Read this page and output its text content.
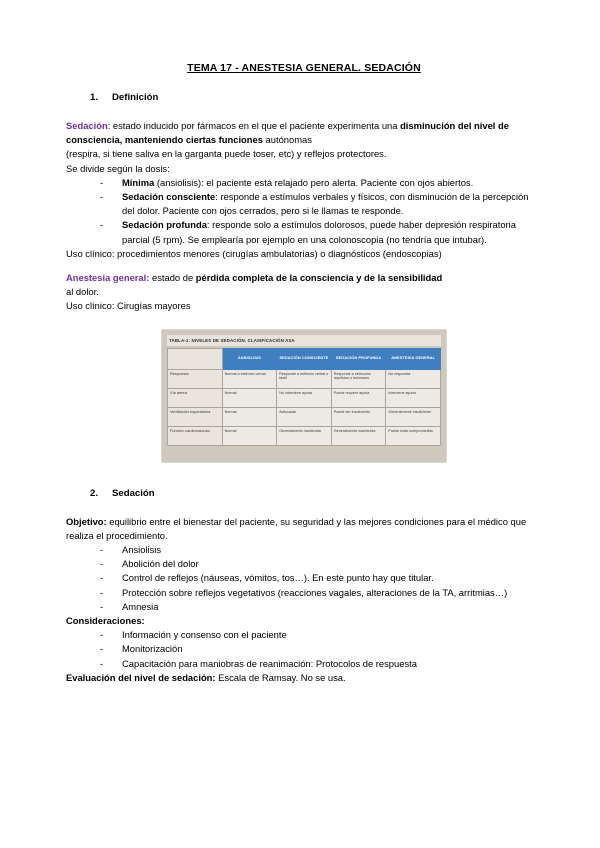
TEMA 17 - ANESTESIA GENERAL. SEDACIÓN
1. Definición

Sedación: estado inducido por fármacos en el que el paciente experimenta una disminución del nivel de consciencia, manteniendo ciertas funciones autónomas

(respira, si tiene saliva en la garganta puede toser, etc) y reflejos protectores.

Se divide según la dosis:

- Mínima (ansiolisis): el paciente está relajado pero alerta. Paciente con ojos abiertos.
- Sedación consciente: responde a estímulos verbales y físicos, con disminución de la percepción del dolor. Paciente con ojos cerrados, pero si le llamas te responde.
- Sedación profunda: responde solo a estímulos dolorosos, puede haber depresión respiratoria parcial (5 rpm). Se emplearía por ejemplo en una colonoscopia (no tendría que intubar).

Uso clínico: procedimientos menores (cirugías ambulatorias) o diagnósticos (endoscopias)

Anestesia general: estado de pérdida completa de la consciencia y de la sensibilidad

al dolor.

Uso clínico: Cirugías mayores

TABLA-1: NIVELES DE SEDACIÓN. CLASIFICACIÓN ASA
	ANSIOLISIS	SEDACIÓN CONSCIENTE	SEDACIÓN PROFUNDA	ANESTESIA GENERAL
Respuesta	Normal a estímulo verbal	Responde a estímulo verbal o táctil	Responde a estímulos repetidos o dolorosos	No respuesta
Vía aérea	Normal	No interviene ayuda	Puede requerir ayuda	Interviene ayuda
Ventilación espontánea	Normal	Adecuada	Puede ser insuficiente	Generalmente insuficiente
Función cardiovascular	Normal	Generalmente mantenida	Generalmente mantenida	Puede estar comprometida
2. Sedación

Objetivo: equilibrio entre el bienestar del paciente, su seguridad y las mejores condiciones para el médico que realiza el procedimiento.

- Ansiolisis
- Abolición del dolor
- Control de reflejos (náuseas, vómitos, tos…). En este punto hay que titular.
- Protección sobre reflejos vegetativos (reacciones vagales, alteraciones de la TA, arritmias…)
- Amnesia

Consideraciones:

- Información y consenso con el paciente
- Monitorización
- Capacitación para maniobras de reanimación: Protocolos de respuesta

Evaluación del nivel de sedación: Escala de Ramsay. No se usa.
